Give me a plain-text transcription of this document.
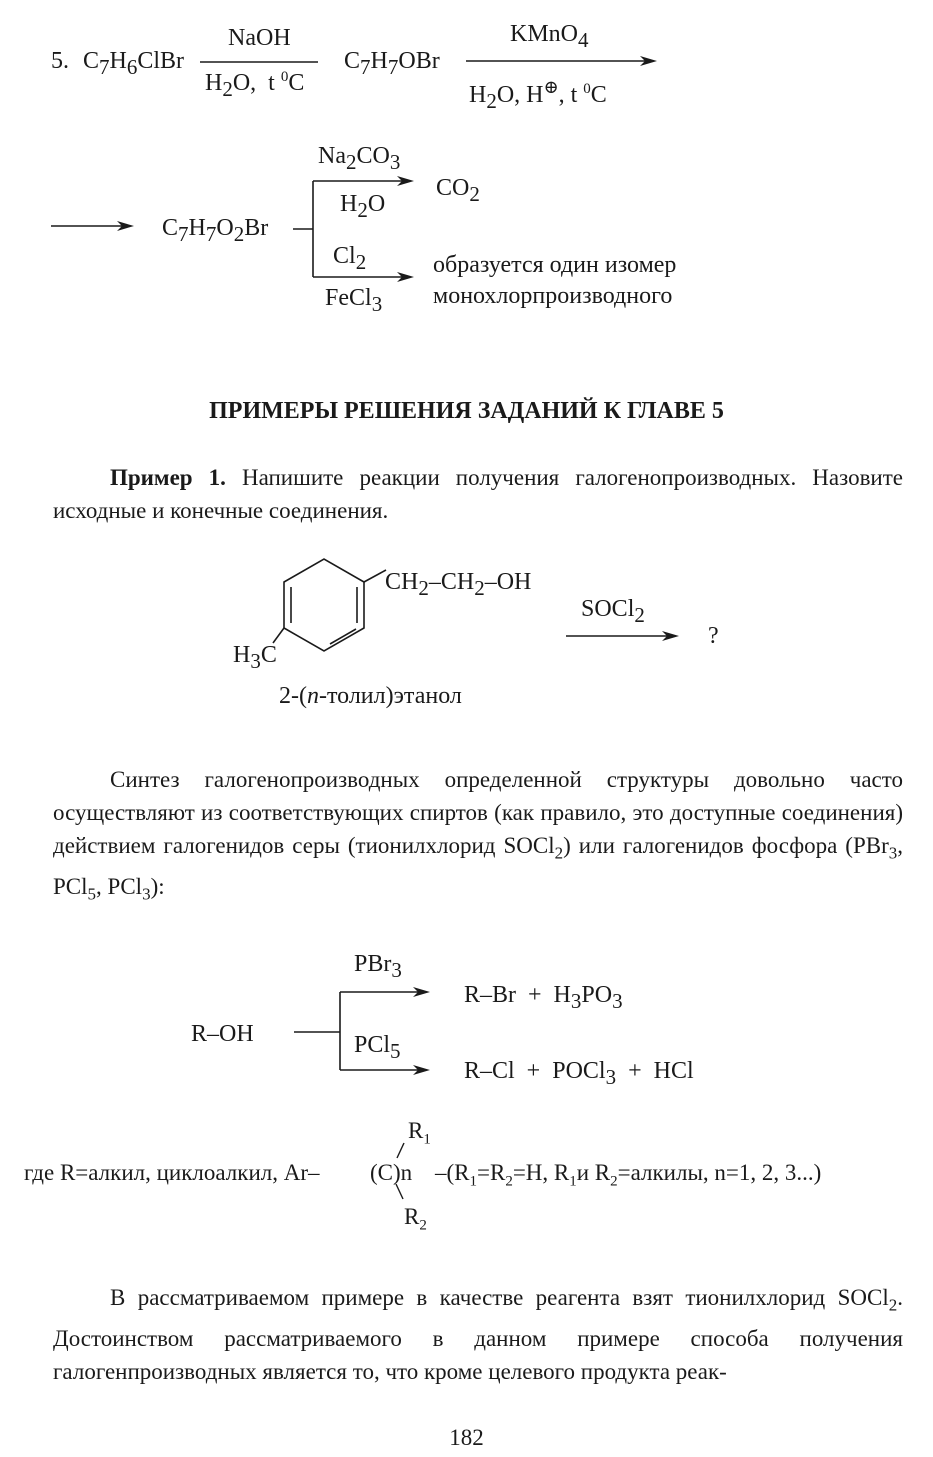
5. $C_7H_6ClBr$
NaOH
$H_2O$,  t $^0$C
$C_7H_7OBr$
KMnO$_4$
$H_2O$, H⊕, t $^0$C
$C_7H_7O_2Br$
$Na_2CO_3$
$H_2O$
$CO_2$
$Cl_2$
FeCl$_3$
образуется один изомер
монохлорпроизводного
ПРИМЕРЫ РЕШЕНИЯ ЗАДАНИЙ К ГЛАВЕ 5

Пример 1. Напишите реакции получения галогенопроизводных. Назовите исходные и конечные соединения.

$CH_2-CH_2-OH$
$H_3C$
SOCl$_2$
?
2-(п-толил)этанол

Синтез галогенопроизводных определенной структуры довольно часто осуществляют из соответствующих спиртов (как правило, это доступные соединения) действием галогенидов серы (тионилхлорид SOCl$_2$) или галогенидов фосфора (PBr$_3$, PCl$_5$, PCl$_3$):

R–OH
PBr$_3$
$R-Br + H_3PO_3$
PCl$_5$
R–Cl  +  POCl$_3$  +  HCl
где R=алкил, циклоалкил, Ar– (C)n $-(R_1=R_2=H$, $R_1и$ $R_2=алкилы$, n=1, 2, 3...)
$R_1$
$R_2$

В рассматриваемом примере в качестве реагента взят тионилхлорид SOCl$_2$. Достоинством рассматриваемого в данном примере способа получения галогенпроизводных является то, что кроме целевого продукта реак-

182
